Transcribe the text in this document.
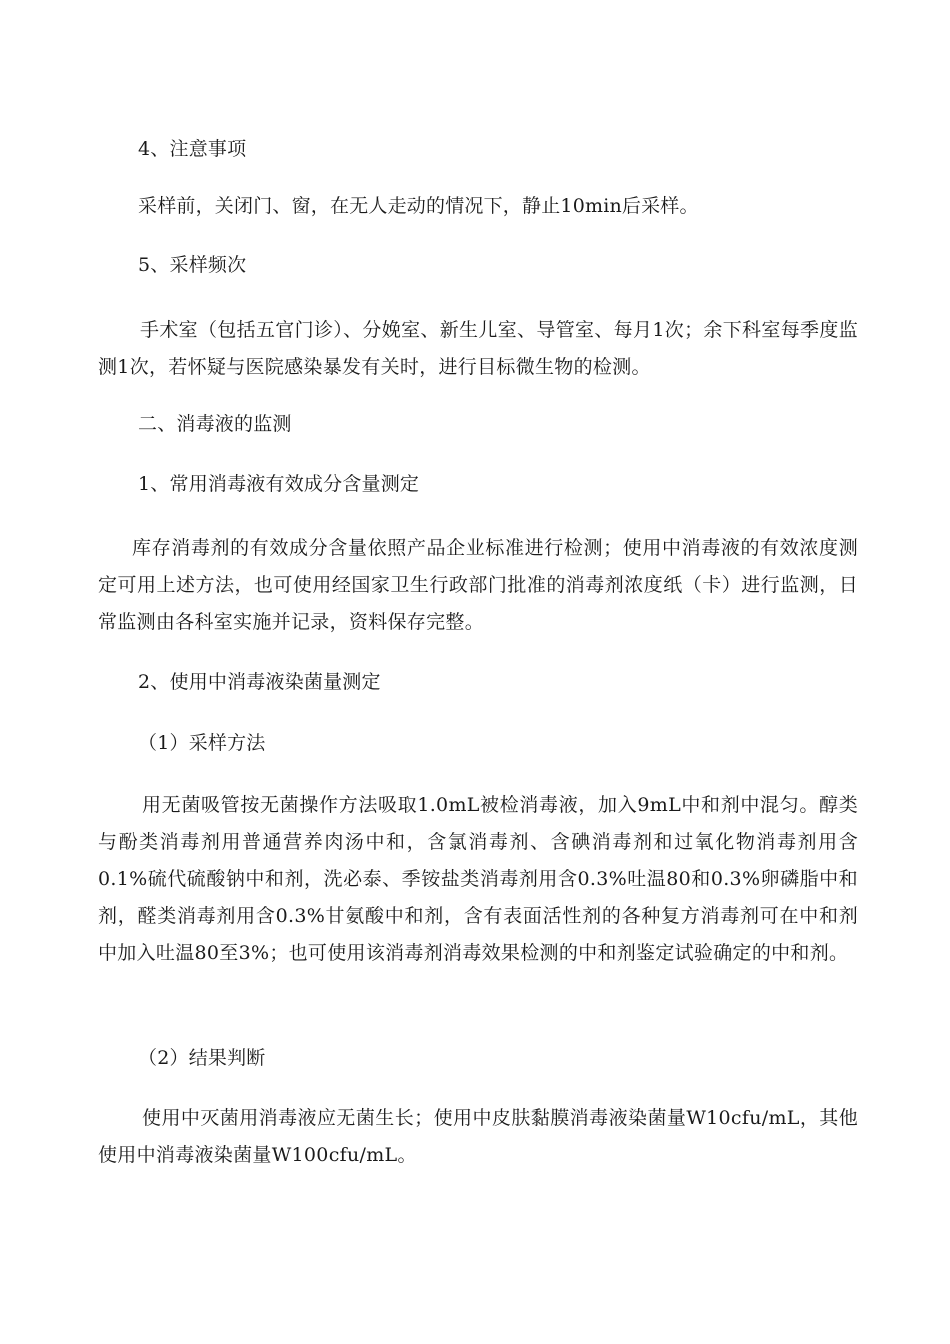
4、注意事项
采样前，关闭门、窗，在无人走动的情况下，静止10min后采样。
5、采样频次
手术室（包括五官门诊）、分娩室、新生儿室、导管室、每月1次；余下科室每季度监测1次，若怀疑与医院感染暴发有关时，进行目标微生物的检测。
二、消毒液的监测
1、常用消毒液有效成分含量测定
库存消毒剂的有效成分含量依照产品企业标准进行检测；使用中消毒液的有效浓度测定可用上述方法，也可使用经国家卫生行政部门批准的消毒剂浓度纸（卡）进行监测，日常监测由各科室实施并记录，资料保存完整。
2、使用中消毒液染菌量测定
（1）采样方法
用无菌吸管按无菌操作方法吸取1.0mL被检消毒液，加入9mL中和剂中混匀。醇类与酚类消毒剂用普通营养肉汤中和，含氯消毒剂、含碘消毒剂和过氧化物消毒剂用含0.1%硫代硫酸钠中和剂，洗必泰、季铵盐类消毒剂用含0.3%吐温80和0.3%卵磷脂中和剂，醛类消毒剂用含0.3%甘氨酸中和剂，含有表面活性剂的各种复方消毒剂可在中和剂中加入吐温80至3%；也可使用该消毒剂消毒效果检测的中和剂鉴定试验确定的中和剂。
（2）结果判断
使用中灭菌用消毒液应无菌生长；使用中皮肤黏膜消毒液染菌量W10cfu/mL，其他使用中消毒液染菌量W100cfu/mL。
